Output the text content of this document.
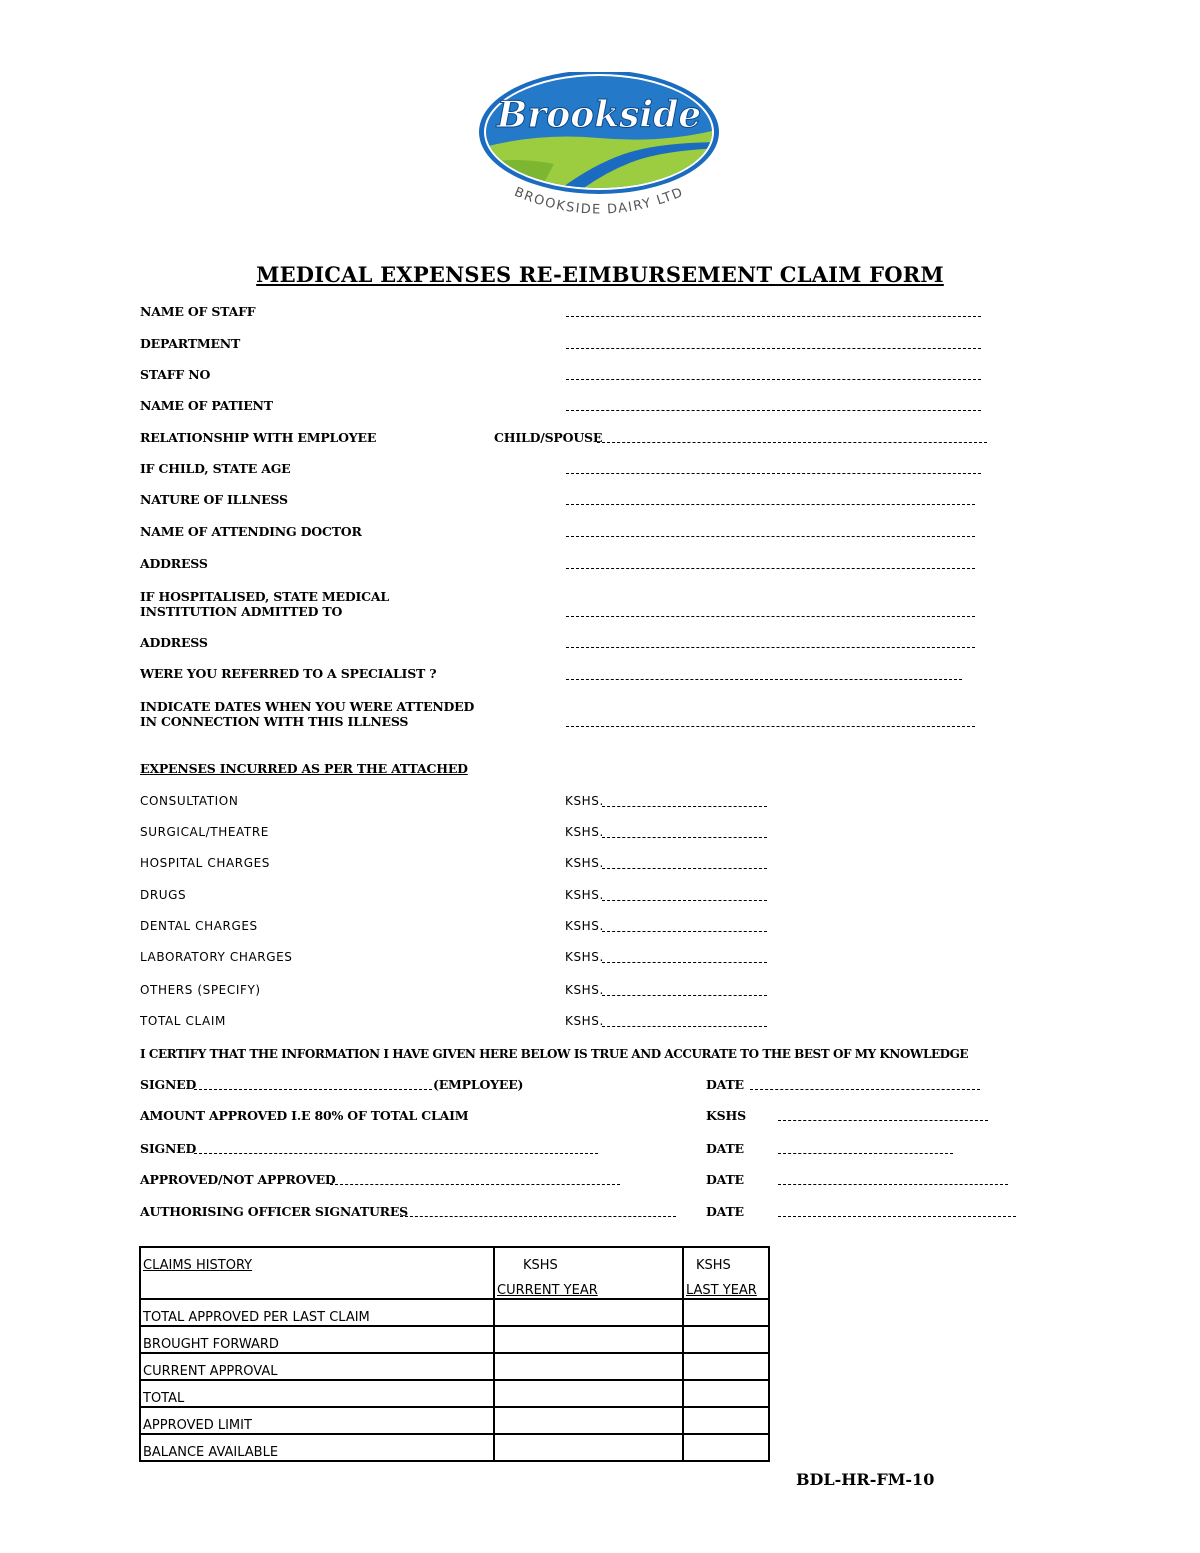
Brookside
BROOKSIDE DAIRY LTD
MEDICAL EXPENSES RE-EIMBURSEMENT CLAIM FORM
NAME OF STAFF
DEPARTMENT
STAFF NO
NAME OF PATIENT
RELATIONSHIP WITH EMPLOYEE	CHILD/SPOUSE
IF CHILD, STATE AGE
NATURE OF ILLNESS
NAME OF ATTENDING DOCTOR
ADDRESS
IF HOSPITALISED, STATE MEDICAL
INSTITUTION ADMITTED TO
ADDRESS
WERE YOU REFERRED TO A SPECIALIST ?
INDICATE DATES WHEN YOU WERE ATTENDED
IN CONNECTION WITH THIS ILLNESS
EXPENSES INCURRED AS PER THE ATTACHED
CONSULTATION	KSHS.
SURGICAL/THEATRE	KSHS.
HOSPITAL CHARGES	KSHS.
DRUGS	KSHS.
DENTAL CHARGES	KSHS.
LABORATORY CHARGES	KSHS.
OTHERS (SPECIFY)	KSHS.
TOTAL CLAIM	KSHS.
I CERTIFY THAT THE INFORMATION I HAVE GIVEN HERE BELOW IS TRUE AND ACCURATE TO THE BEST OF MY KNOWLEDGE
SIGNED	(EMPLOYEE)	DATE
AMOUNT APPROVED I.E 80% OF TOTAL CLAIM	KSHS
SIGNED	DATE
APPROVED/NOT APPROVED	DATE
AUTHORISING OFFICER SIGNATURES	DATE
CLAIMS HISTORY	KSHS	KSHS
	CURRENT YEAR	LAST YEAR
TOTAL APPROVED PER LAST CLAIM		
BROUGHT FORWARD		
CURRENT APPROVAL		
TOTAL		
APPROVED LIMIT		
BALANCE AVAILABLE		
BDL-HR-FM-10
